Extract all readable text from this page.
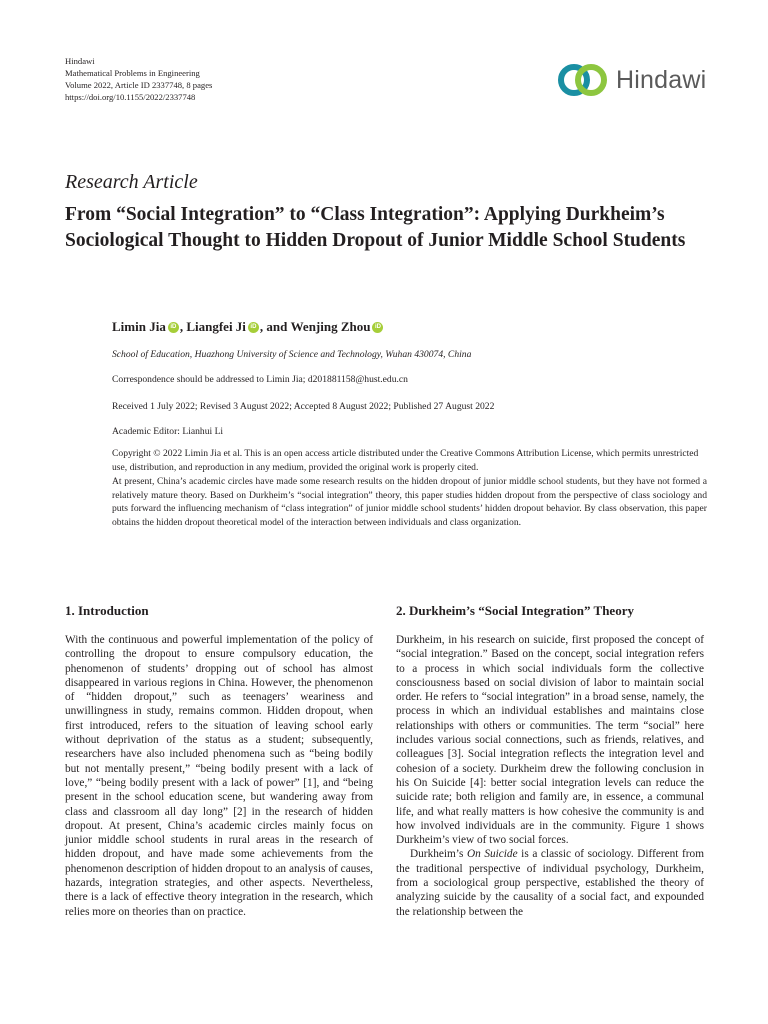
Hindawi
Mathematical Problems in Engineering
Volume 2022, Article ID 2337748, 8 pages
https://doi.org/10.1155/2022/2337748
Hindawi
Research Article
From “Social Integration” to “Class Integration”: Applying Durkheim’s Sociological Thought to Hidden Dropout of Junior Middle School Students
Limin Jia iD , Liangfei Ji iD , and Wenjing Zhou iD
School of Education, Huazhong University of Science and Technology, Wuhan 430074, China
Correspondence should be addressed to Limin Jia; d201881158@hust.edu.cn
Received 1 July 2022; Revised 3 August 2022; Accepted 8 August 2022; Published 27 August 2022
Academic Editor: Lianhui Li
Copyright © 2022 Limin Jia et al. This is an open access article distributed under the Creative Commons Attribution License, which permits unrestricted use, distribution, and reproduction in any medium, provided the original work is properly cited.
At present, China’s academic circles have made some research results on the hidden dropout of junior middle school students, but they have not formed a relatively mature theory. Based on Durkheim’s “social integration” theory, this paper studies hidden dropout from the perspective of class sociology and puts forward the influencing mechanism of “class integration” of junior middle school students’ hidden dropout behavior. By class observation, this paper obtains the hidden dropout theoretical model of the interaction between individuals and class organization.
1. Introduction

With the continuous and powerful implementation of the policy of controlling the dropout to ensure compulsory education, the phenomenon of students’ dropping out of school has almost disappeared in various regions in China. However, the phenomenon of “hidden dropout,” such as teenagers’ weariness and unwillingness in study, remains common. Hidden dropout, when first introduced, refers to the situation of leaving school early without deprivation of the status as a student; subsequently, researchers have also included phenomena such as “being bodily but not mentally present,” “being bodily present with a lack of love,” “being bodily present with a lack of power” [1], and “being present in the school education scene, but wandering away from class and classroom all day long” [2] in the research of hidden dropout. At present, China’s academic circles mainly focus on junior middle school students in rural areas in the research of hidden dropout, and have made some achievements from the phenomenon description of hidden dropout to an analysis of causes, hazards, integration strategies, and other aspects. Nevertheless, there is a lack of effective theory integration in the research, which relies more on theories than on practice.

2. Durkheim’s “Social Integration” Theory

Durkheim, in his research on suicide, first proposed the concept of “social integration.” Based on the concept, social integration refers to a process in which social individuals form the collective consciousness based on social division of labor to maintain social order. He refers to “social integration” in a broad sense, namely, the process in which an individual establishes and maintains close relationships with others or communities. The term “social” here includes various social connections, such as friends, relatives, and colleagues [3]. Social integration reflects the integration level and cohesion of a society. Durkheim drew the following conclusion in his On Suicide [4]: better social integration levels can reduce the suicide rate; both religion and family are, in essence, a communal life, and what really matters is how cohesive the community is and how involved individuals are in the community. Figure 1 shows Durkheim’s view of two social forces.

Durkheim’s On Suicide is a classic of sociology. Different from the traditional perspective of individual psychology, Durkheim, from a sociological group perspective, established the theory of analyzing suicide by the causality of a social fact, and expounded the relationship between the
